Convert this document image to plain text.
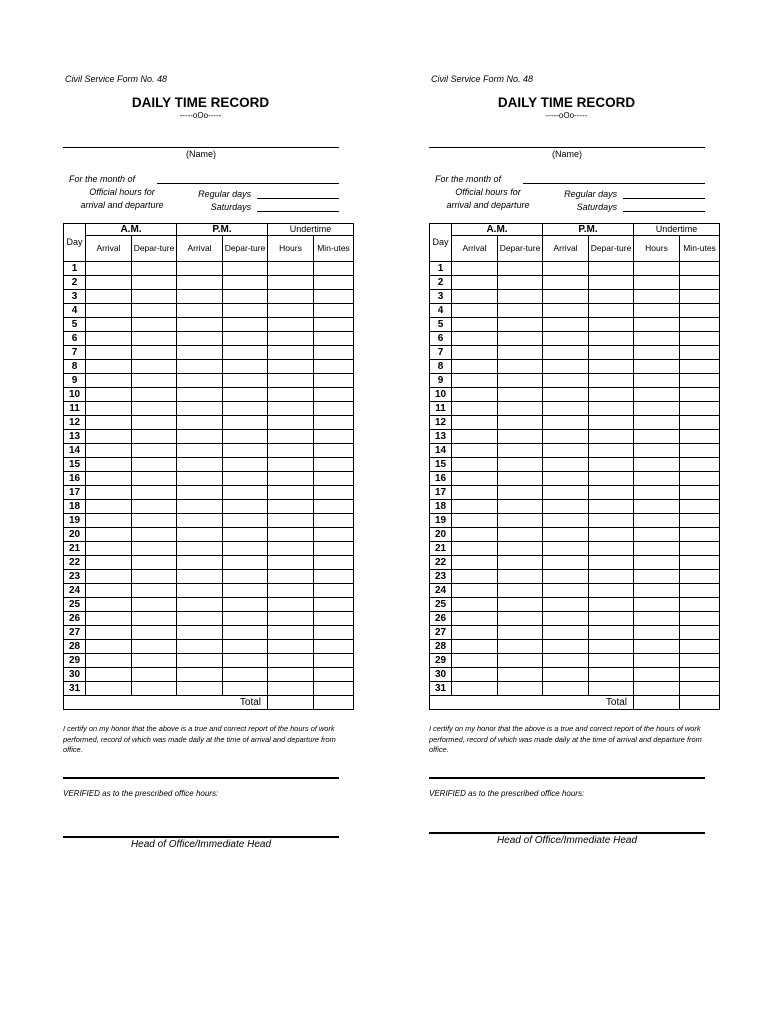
Civil Service Form No. 48
DAILY TIME RECORD
-----oOo-----
(Name)
For the month of
Official hours for
arrival and departure
Regular days
Saturdays
Day	A.M.		P.M.		Undertime	
	Arrival	Depar-ture	Arrival	Depar-ture	Hours	Min-utes
1						
2						
3						
4						
5						
6						
7						
8						
9						
10						
11						
12						
13						
14						
15						
16						
17						
18						
19						
20						
21						
22						
23						
24						
25						
26						
27						
28						
29						
30						
31						
Total						
I certify on my honor that the above is a true and correct report of the hours of work performed, record of which was made daily at the time of arrival and departure from office.
VERIFIED as to the prescribed office hours:
Head of Office/Immediate Head
Civil Service Form No. 48
DAILY TIME RECORD
-----oOo-----
(Name)
For the month of
Official hours for
arrival and departure
Regular days
Saturdays
Day	A.M.		P.M.		Undertime	
	Arrival	Depar-ture	Arrival	Depar-ture	Hours	Min-utes
1						
2						
3						
4						
5						
6						
7						
8						
9						
10						
11						
12						
13						
14						
15						
16						
17						
18						
19						
20						
21						
22						
23						
24						
25						
26						
27						
28						
29						
30						
31						
Total						
I certify on my honor that the above is a true and correct report of the hours of work performed, record of which was made daily at the time of arrival and departure from office.
VERIFIED as to the prescribed office hours:
Head of Office/Immediate Head
